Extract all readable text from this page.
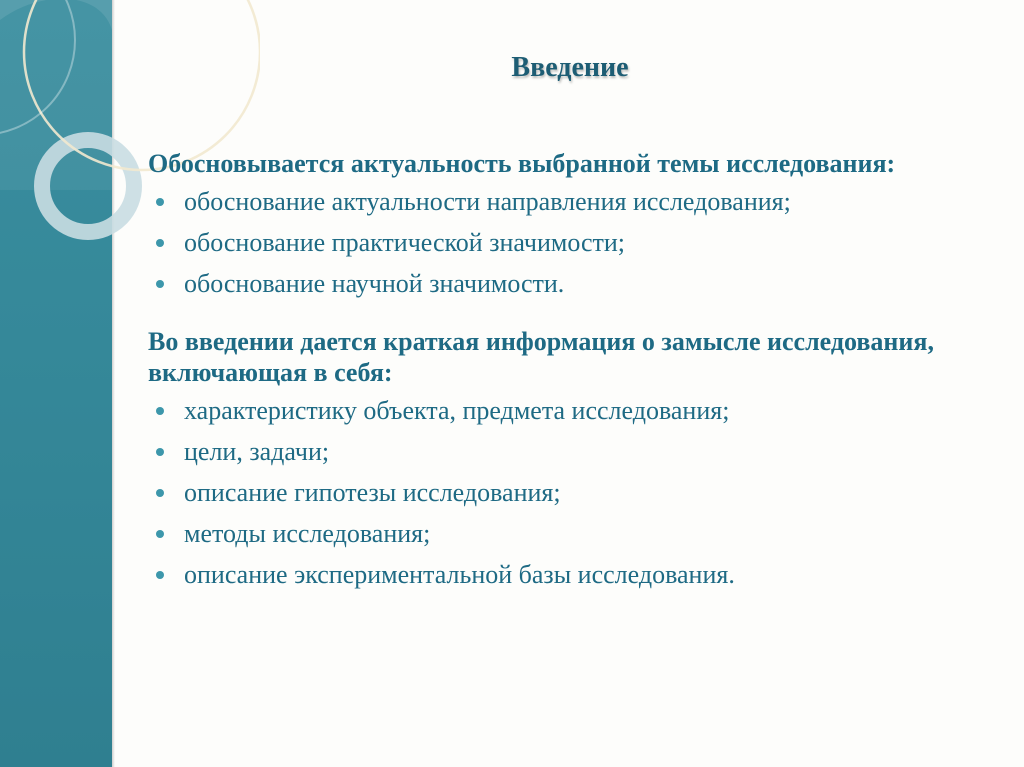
Введение

Обосновывается актуальность выбранной темы исследования:

обоснование актуальности направления исследования;
обоснование практической значимости;
обоснование научной значимости.

Во введении дается краткая информация о замысле исследования, включающая в себя:

характеристику объекта, предмета исследования;
цели, задачи;
описание гипотезы исследования;
методы исследования;
описание экспериментальной базы исследования.
